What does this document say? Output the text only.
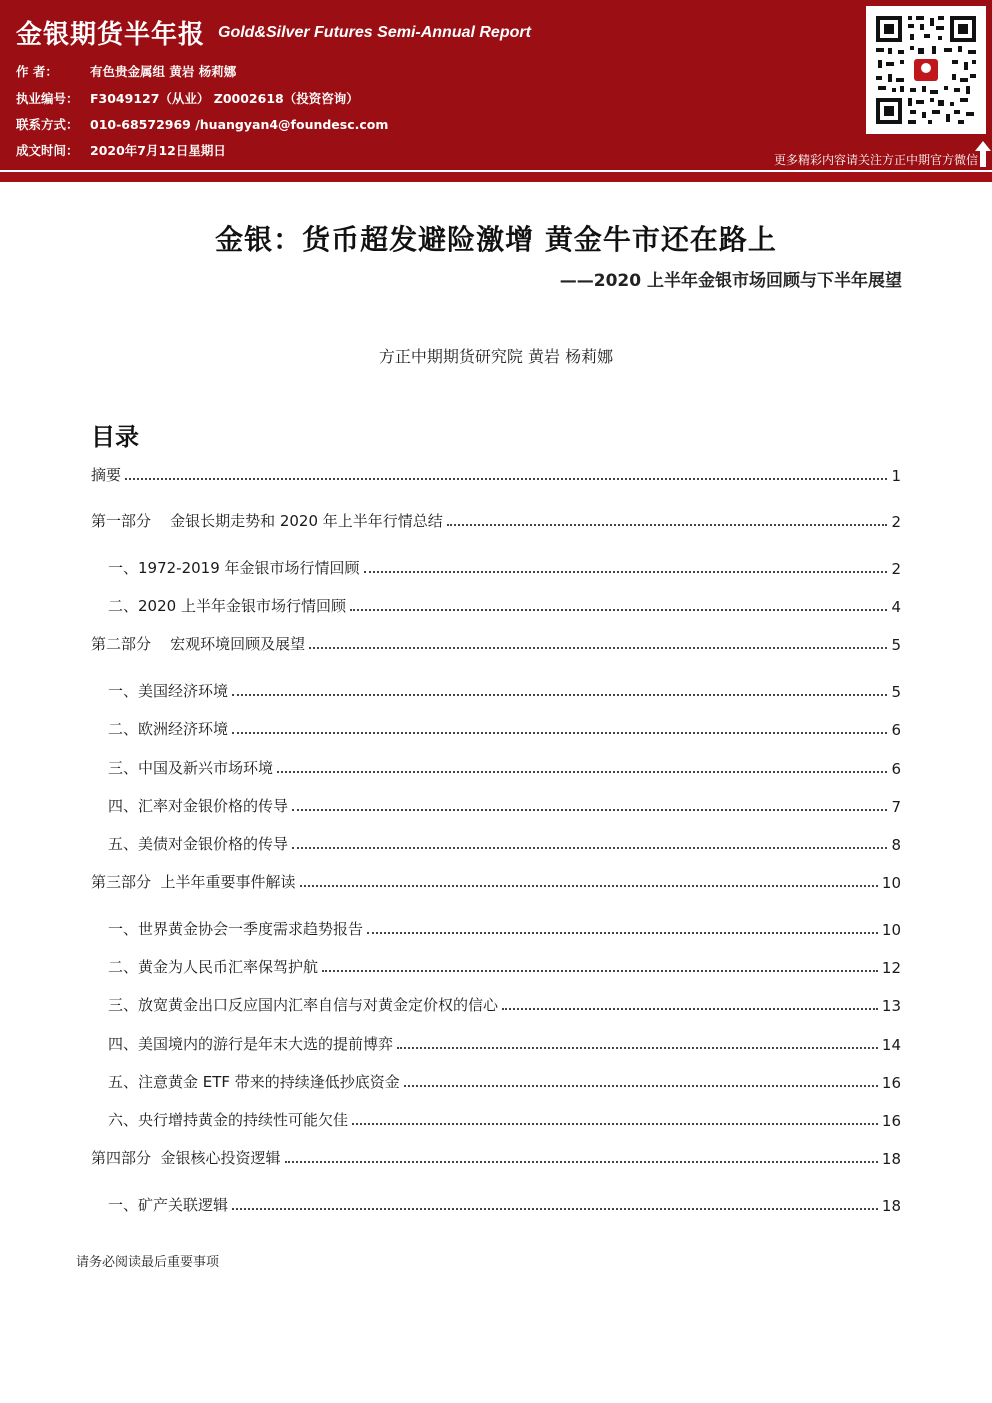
金银期货半年报 Gold&Silver Futures Semi-Annual Report
作 者：	有色贵金属组 黄岩 杨莉娜
执业编号： F3049127（从业） Z0002618（投资咨询）
联系方式： 010-68572969 /huangyan4@foundesc.com
成文时间： 2020年7月12日星期日
更多精彩内容请关注方正中期官方微信
金银：货币超发避险激增 黄金牛市还在路上
——2020 上半年金银市场回顾与下半年展望
方正中期期货研究院 黄岩 杨莉娜
目录
摘要	1
第一部分    金银长期走势和 2020 年上半年行情总结	2
一、1972-2019 年金银市场行情回顾	2
二、2020 上半年金银市场行情回顾	4
第二部分    宏观环境回顾及展望	5
一、美国经济环境	5
二、欧洲经济环境	6
三、中国及新兴市场环境	6
四、汇率对金银价格的传导	7
五、美债对金银价格的传导	8
第三部分  上半年重要事件解读	10
一、世界黄金协会一季度需求趋势报告	10
二、黄金为人民币汇率保驾护航	12
三、放宽黄金出口反应国内汇率自信与对黄金定价权的信心	13
四、美国境内的游行是年末大选的提前博弈	14
五、注意黄金 ETF 带来的持续逢低抄底资金	16
六、央行增持黄金的持续性可能欠佳	16
第四部分  金银核心投资逻辑	18
一、矿产关联逻辑	18
请务必阅读最后重要事项
